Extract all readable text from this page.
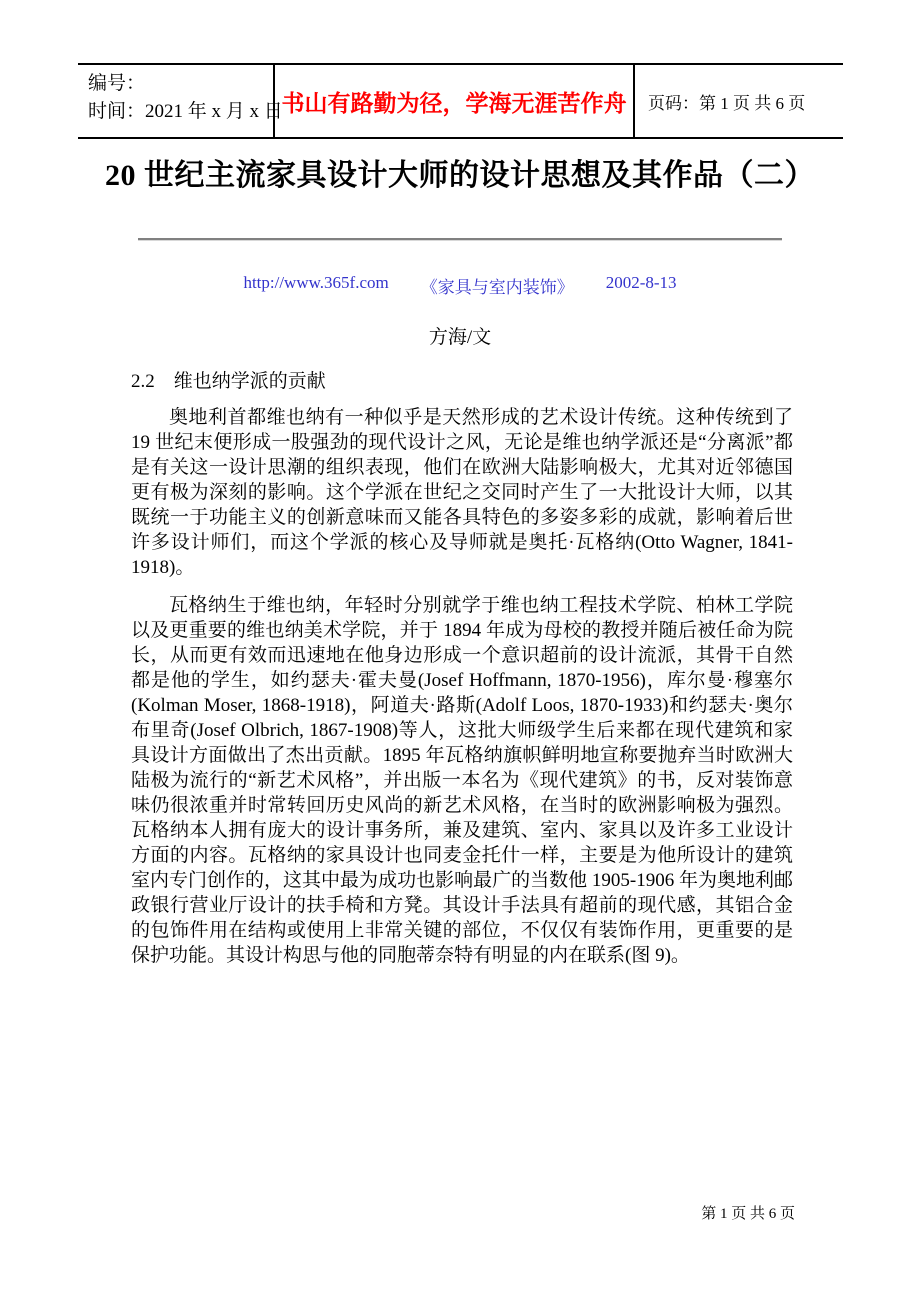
编号：
时间：2021 年 x 月 x 日
书山有路勤为径，学海无涯苦作舟 页码：第 1 页 共 6 页
20 世纪主流家具设计大师的设计思想及其作品（二）
http://www.365f.com 《家具与室内装饰》 2002-8-13
方海/文
2.2　维也纳学派的贡献

奥地利首都维也纳有一种似乎是天然形成的艺术设计传统。这种传统到了 19 世纪末便形成一股强劲的现代设计之风，无论是维也纳学派还是“分离派”都是有关这一设计思潮的组织表现，他们在欧洲大陆影响极大，尤其对近邻德国更有极为深刻的影响。这个学派在世纪之交同时产生了一大批设计大师，以其既统一于功能主义的创新意味而又能各具特色的多姿多彩的成就，影响着后世许多设计师们，而这个学派的核心及导师就是奥托·瓦格纳(Otto Wagner, 1841-1918)。

瓦格纳生于维也纳，年轻时分别就学于维也纳工程技术学院、柏林工学院以及更重要的维也纳美术学院，并于 1894 年成为母校的教授并随后被任命为院长，从而更有效而迅速地在他身边形成一个意识超前的设计流派，其骨干自然都是他的学生，如约瑟夫·霍夫曼(Josef Hoffmann, 1870-1956)，库尔曼·穆塞尔(Kolman Moser, 1868-1918)，阿道夫·路斯(Adolf Loos, 1870-1933)和约瑟夫·奥尔布里奇(Josef Olbrich, 1867-1908)等人，这批大师级学生后来都在现代建筑和家具设计方面做出了杰出贡献。1895 年瓦格纳旗帜鲜明地宣称要抛弃当时欧洲大陆极为流行的“新艺术风格”，并出版一本名为《现代建筑》的书，反对装饰意味仍很浓重并时常转回历史风尚的新艺术风格，在当时的欧洲影响极为强烈。瓦格纳本人拥有庞大的设计事务所，兼及建筑、室内、家具以及许多工业设计方面的内容。瓦格纳的家具设计也同麦金托什一样，主要是为他所设计的建筑室内专门创作的，这其中最为成功也影响最广的当数他 1905-1906 年为奥地利邮政银行营业厅设计的扶手椅和方凳。其设计手法具有超前的现代感，其铝合金的包饰件用在结构或使用上非常关键的部位，不仅仅有装饰作用，更重要的是保护功能。其设计构思与他的同胞蒂奈特有明显的内在联系(图 9)。

第 1 页 共 6 页
